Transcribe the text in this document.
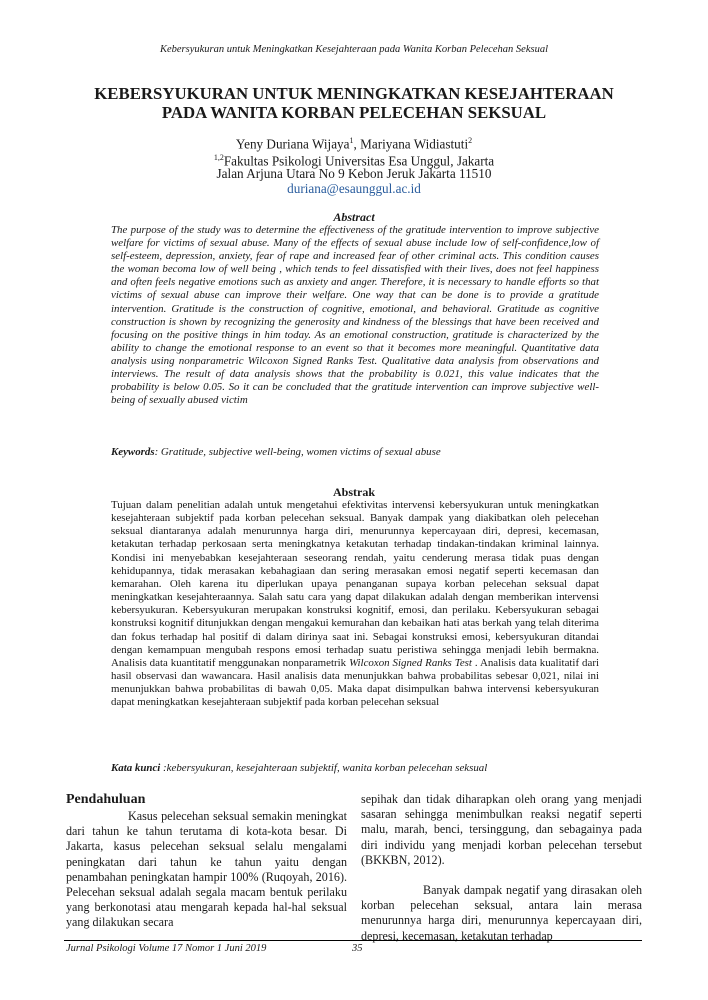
Kebersyukuran untuk Meningkatkan Kesejahteraan pada Wanita Korban Pelecehan Seksual
KEBERSYUKURAN UNTUK MENINGKATKAN KESEJAHTERAAN
PADA WANITA KORBAN PELECEHAN SEKSUAL
Yeny Duriana Wijaya$^1$, Mariyana Widiastuti$^2$
$^{1,2}$Fakultas Psikologi Universitas Esa Unggul, Jakarta
Jalan Arjuna Utara No 9 Kebon Jeruk Jakarta 11510
duriana@esaunggul.ac.id
Abstract
The purpose of the study was to determine the effectiveness of the gratitude intervention to improve subjective welfare for victims of sexual abuse. Many of the effects of sexual abuse include low of self-confidence,low of self-esteem, depression, anxiety, fear of rape and increased fear of other criminal acts. This condition causes the woman becoma low of well being , which tends to feel dissatisfied with their lives, does not feel happiness and often feels negative emotions such as anxiety and anger. Therefore, it is necessary to handle efforts so that victims of sexual abuse can improve their welfare. One way that can be done is to provide a gratitude intervention. Gratitude is the construction of cognitive, emotional, and behavioral. Gratitude as cognitive construction is shown by recognizing the generosity and kindness of the blessings that have been received and focusing on the positive things in him today. As an emotional construction, gratitude is characterized by the ability to change the emotional response to an event so that it becomes more meaningful. Quantitative data analysis using nonparametric Wilcoxon Signed Ranks Test. Qualitative data analysis from observations and interviews. The result of data analysis shows that the probability is 0.021, this value indicates that the probability is below 0.05. So it can be concluded that the gratitude intervention can improve subjective well-being of sexually abused victim
Keywords: Gratitude, subjective well-being, women victims of sexual abuse
Abstrak
Tujuan dalam penelitian adalah untuk mengetahui efektivitas intervensi kebersyukuran untuk meningkatkan kesejahteraan subjektif pada korban pelecehan seksual. Banyak dampak yang diakibatkan oleh pelecehan seksual diantaranya adalah menurunnya harga diri, menurunnya kepercayaan diri, depresi, kecemasan, ketakutan terhadap perkosaan serta meningkatnya ketakutan terhadap tindakan-tindakan kriminal lainnya. Kondisi ini menyebabkan kesejahteraan seseorang rendah, yaitu cenderung merasa tidak puas dengan kehidupannya, tidak merasakan kebahagiaan dan sering merasakan emosi negatif seperti kecemasan dan kemarahan. Oleh karena itu diperlukan upaya penanganan supaya korban pelecehan seksual dapat meningkatkan kesejahteraannya. Salah satu cara yang dapat dilakukan adalah dengan memberikan intervensi kebersyukuran. Kebersyukuran merupakan konstruksi kognitif, emosi, dan perilaku. Kebersyukuran sebagai konstruksi kognitif ditunjukkan dengan mengakui kemurahan dan kebaikan hati atas berkah yang telah diterima dan fokus terhadap hal positif di dalam dirinya saat ini. Sebagai konstruksi emosi, kebersyukuran ditandai dengan kemampuan mengubah respons emosi terhadap suatu peristiwa sehingga menjadi lebih bermakna. Analisis data kuantitatif menggunakan nonparametrik Wilcoxon Signed Ranks Test . Analisis data kualitatif dari hasil observasi dan wawancara. Hasil analisis data menunjukkan bahwa probabilitas sebesar 0,021, nilai ini menunjukkan bahwa probabilitas di bawah 0,05. Maka dapat disimpulkan bahwa intervensi kebersyukuran dapat meningkatkan kesejahteraan subjektif pada korban pelecehan seksual
Kata kunci :kebersyukuran, kesejahteraan subjektif, wanita korban pelecehan seksual
Pendahuluan

Kasus pelecehan seksual semakin meningkat dari tahun ke tahun terutama di kota-kota besar. Di Jakarta, kasus pelecehan seksual selalu mengalami peningkatan dari tahun ke tahun yaitu dengan penambahan peningkatan hampir 100% (Ruqoyah, 2016). Pelecehan seksual adalah segala macam bentuk perilaku yang berkonotasi atau mengarah kepada hal-hal seksual yang dilakukan secara

sepihak dan tidak diharapkan oleh orang yang menjadi sasaran sehingga menimbulkan reaksi negatif seperti malu, marah, benci, tersinggung, dan sebagainya pada diri individu yang menjadi korban pelecehan tersebut (BKKBN, 2012).

Banyak dampak negatif yang dirasakan oleh korban pelecehan seksual, antara lain merasa menurunnya harga diri, menurunnya kepercayaan diri, depresi, kecemasan, ketakutan terhadap

Jurnal Psikologi Volume 17 Nomor 1 Juni 2019	35
